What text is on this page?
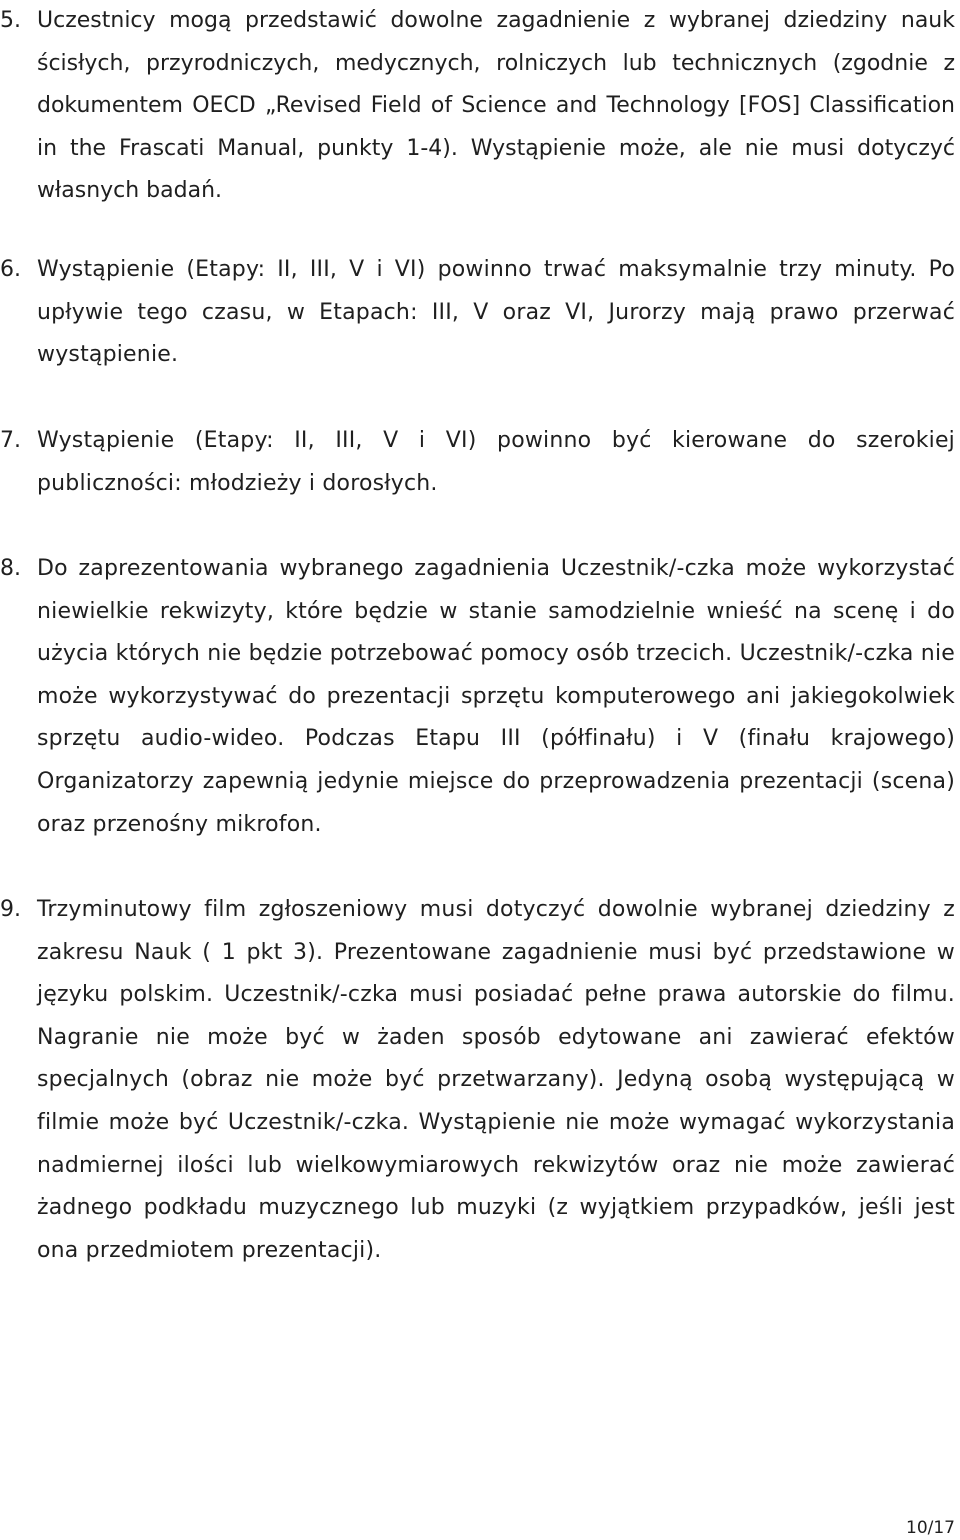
5. Uczestnicy mogą przedstawić dowolne zagadnienie z wybranej dziedziny nauk ścisłych, przyrodniczych, medycznych, rolniczych lub technicznych (zgodnie z dokumentem OECD „Revised Field of Science and Technology [FOS] Classification in the Frascati Manual, punkty 1-4). Wystąpienie może, ale nie musi dotyczyć własnych badań.

6. Wystąpienie (Etapy: II, III, V i VI) powinno trwać maksymalnie trzy minuty. Po upływie tego czasu, w Etapach: III, V oraz VI, Jurorzy mają prawo przerwać wystąpienie.

7. Wystąpienie (Etapy: II, III, V i VI) powinno być kierowane do szerokiej publiczności: młodzieży i dorosłych.

8. Do zaprezentowania wybranego zagadnienia Uczestnik/-czka może wykorzystać niewielkie rekwizyty, które będzie w stanie samodzielnie wnieść na scenę i do użycia których nie będzie potrzebować pomocy osób trzecich. Uczestnik/-czka nie może wykorzystywać do prezentacji sprzętu komputerowego ani jakiegokolwiek sprzętu audio-wideo. Podczas Etapu III (półfinału) i V (finału krajowego) Organizatorzy zapewnią jedynie miejsce do przeprowadzenia prezentacji (scena) oraz przenośny mikrofon.

9. Trzyminutowy film zgłoszeniowy musi dotyczyć dowolnie wybranej dziedziny z zakresu Nauk ( 1 pkt 3). Prezentowane zagadnienie musi być przedstawione w języku polskim. Uczestnik/-czka musi posiadać pełne prawa autorskie do filmu. Nagranie nie może być w żaden sposób edytowane ani zawierać efektów specjalnych (obraz nie może być przetwarzany). Jedyną osobą występującą w filmie może być Uczestnik/-czka. Wystąpienie nie może wymagać wykorzystania nadmiernej ilości lub wielkowymiarowych rekwizytów oraz nie może zawierać żadnego podkładu muzycznego lub muzyki (z wyjątkiem przypadków, jeśli jest ona przedmiotem prezentacji).

10/17
